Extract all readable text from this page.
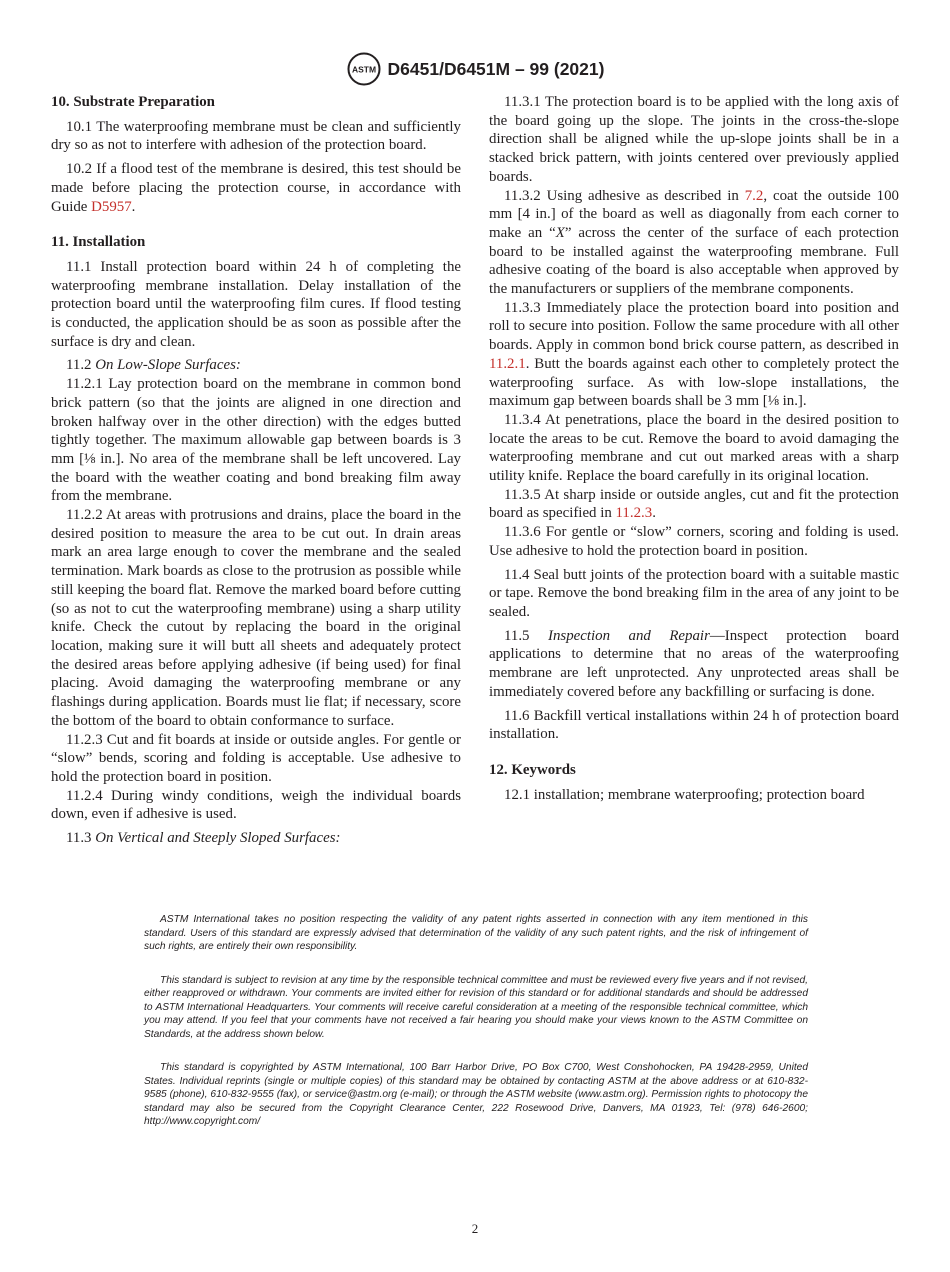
ASTM D6451/D6451M – 99 (2021)
10. Substrate Preparation

10.1 The waterproofing membrane must be clean and sufficiently dry so as not to interfere with adhesion of the protection board.

10.2 If a flood test of the membrane is desired, this test should be made before placing the protection course, in accordance with Guide D5957.

11. Installation

11.1 Install protection board within 24 h of completing the waterproofing membrane installation. Delay installation of the protection board until the waterproofing film cures. If flood testing is conducted, the application should be as soon as possible after the surface is dry and clean.

11.2 On Low-Slope Surfaces:

11.2.1 Lay protection board on the membrane in common bond brick pattern (so that the joints are aligned in one direction and broken halfway over in the other direction) with the edges butted tightly together. The maximum allowable gap between boards is 3 mm [⅛ in.]. No area of the membrane shall be left uncovered. Lay the board with the weather coating and bond breaking film away from the membrane.

11.2.2 At areas with protrusions and drains, place the board in the desired position to measure the area to be cut out. In drain areas mark an area large enough to cover the membrane and the sealed termination. Mark boards as close to the protrusion as possible while still keeping the board flat. Remove the marked board before cutting (so as not to cut the waterproofing membrane) using a sharp utility knife. Check the cutout by replacing the board in the original location, making sure it will butt all sheets and adequately protect the desired areas before applying adhesive (if being used) for final placing. Avoid damaging the waterproofing membrane or any flashings during application. Boards must lie flat; if necessary, score the bottom of the board to obtain conformance to surface.

11.2.3 Cut and fit boards at inside or outside angles. For gentle or “slow” bends, scoring and folding is acceptable. Use adhesive to hold the protection board in position.

11.2.4 During windy conditions, weigh the individual boards down, even if adhesive is used.

11.3 On Vertical and Steeply Sloped Surfaces:

11.3.1 The protection board is to be applied with the long axis of the board going up the slope. The joints in the cross-the-slope direction shall be aligned while the up-slope joints shall be in a stacked brick pattern, with joints centered over previously applied boards.

11.3.2 Using adhesive as described in 7.2, coat the outside 100 mm [4 in.] of the board as well as diagonally from each corner to make an “X” across the center of the surface of each protection board to be installed against the waterproofing membrane. Full adhesive coating of the board is also acceptable when approved by the manufacturers or suppliers of the membrane components.

11.3.3 Immediately place the protection board into position and roll to secure into position. Follow the same procedure with all other boards. Apply in common bond brick course pattern, as described in 11.2.1. Butt the boards against each other to completely protect the waterproofing surface. As with low-slope installations, the maximum gap between boards shall be 3 mm [⅛ in.].

11.3.4 At penetrations, place the board in the desired position to locate the areas to be cut. Remove the board to avoid damaging the waterproofing membrane and cut out marked areas with a sharp utility knife. Replace the board carefully in its original location.

11.3.5 At sharp inside or outside angles, cut and fit the protection board as specified in 11.2.3.

11.3.6 For gentle or “slow” corners, scoring and folding is used. Use adhesive to hold the protection board in position.

11.4 Seal butt joints of the protection board with a suitable mastic or tape. Remove the bond breaking film in the area of any joint to be sealed.

11.5 Inspection and Repair—Inspect protection board applications to determine that no areas of the waterproofing membrane are left unprotected. Any unprotected areas shall be immediately covered before any backfilling or surfacing is done.

11.6 Backfill vertical installations within 24 h of protection board installation.

12. Keywords

12.1 installation; membrane waterproofing; protection board

ASTM International takes no position respecting the validity of any patent rights asserted in connection with any item mentioned in this standard. Users of this standard are expressly advised that determination of the validity of any such patent rights, and the risk of infringement of such rights, are entirely their own responsibility.

This standard is subject to revision at any time by the responsible technical committee and must be reviewed every five years and if not revised, either reapproved or withdrawn. Your comments are invited either for revision of this standard or for additional standards and should be addressed to ASTM International Headquarters. Your comments will receive careful consideration at a meeting of the responsible technical committee, which you may attend. If you feel that your comments have not received a fair hearing you should make your views known to the ASTM Committee on Standards, at the address shown below.

This standard is copyrighted by ASTM International, 100 Barr Harbor Drive, PO Box C700, West Conshohocken, PA 19428-2959, United States. Individual reprints (single or multiple copies) of this standard may be obtained by contacting ASTM at the above address or at 610-832-9585 (phone), 610-832-9555 (fax), or service@astm.org (e-mail); or through the ASTM website (www.astm.org). Permission rights to photocopy the standard may also be secured from the Copyright Clearance Center, 222 Rosewood Drive, Danvers, MA 01923, Tel: (978) 646-2600; http://www.copyright.com/

2
